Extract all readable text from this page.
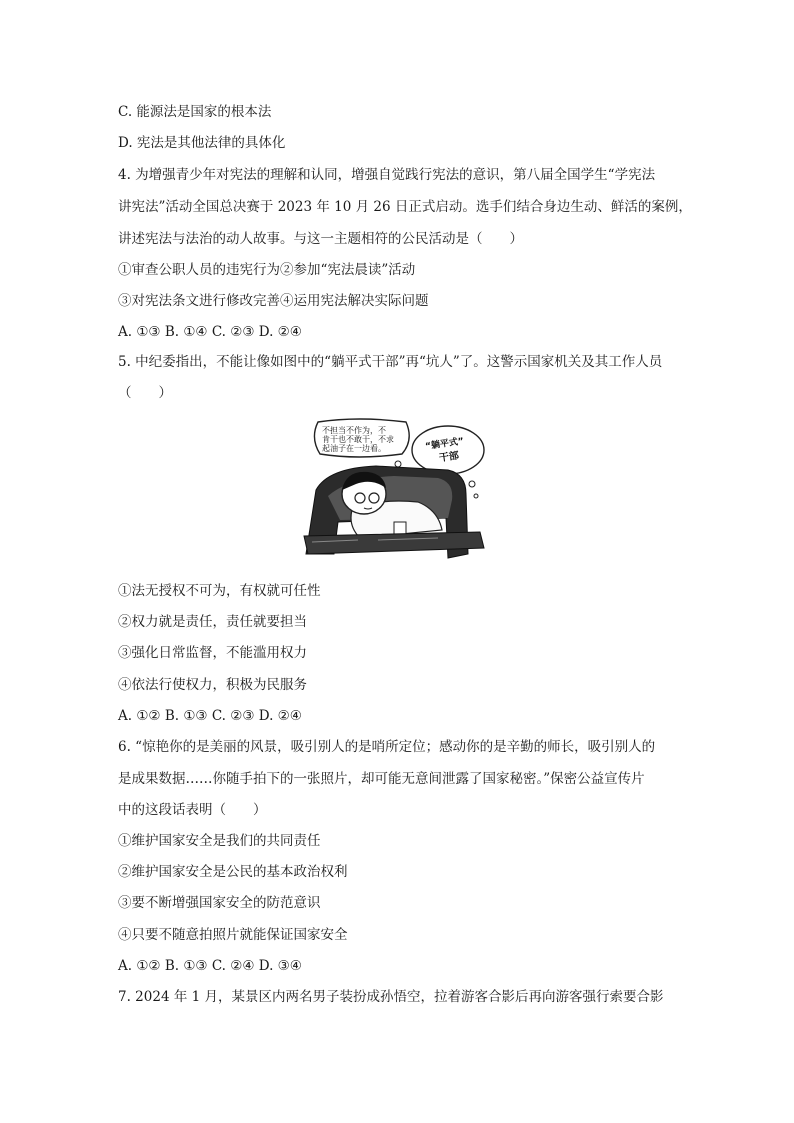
C. 能源法是国家的根本法
D. 宪法是其他法律的具体化
4. 为增强青少年对宪法的理解和认同，增强自觉践行宪法的意识，第八届全国学生“学宪法
讲宪法”活动全国总决赛于 2023 年 10 月 26 日正式启动。选手们结合身边生动、鲜活的案例，
讲述宪法与法治的动人故事。与这一主题相符的公民活动是（　　）
①审查公职人员的违宪行为②参加“宪法晨读”活动
③对宪法条文进行修改完善④运用宪法解决实际问题
A. ①③ B. ①④ C. ②③ D. ②④
5. 中纪委指出，不能让像如图中的“躺平式干部”再“坑人”了。这警示国家机关及其工作人员
（　　）
不担当不作为，不
肯干也不敢干，不求
起油子在一边看。	“躺平式”
干部
①法无授权不可为，有权就可任性
②权力就是责任，责任就要担当
③强化日常监督，不能滥用权力
④依法行使权力，积极为民服务
A. ①② B. ①③ C. ②③ D. ②④
6. “惊艳你的是美丽的风景，吸引别人的是哨所定位；感动你的是辛勤的师长，吸引别人的
是成果数据……你随手拍下的一张照片，却可能无意间泄露了国家秘密。”保密公益宣传片
中的这段话表明（　　）
①维护国家安全是我们的共同责任
②维护国家安全是公民的基本政治权利
③要不断增强国家安全的防范意识
④只要不随意拍照片就能保证国家安全
A. ①② B. ①③ C. ②④ D. ③④
7. 2024 年 1 月，某景区内两名男子装扮成孙悟空，拉着游客合影后再向游客强行索要合影
